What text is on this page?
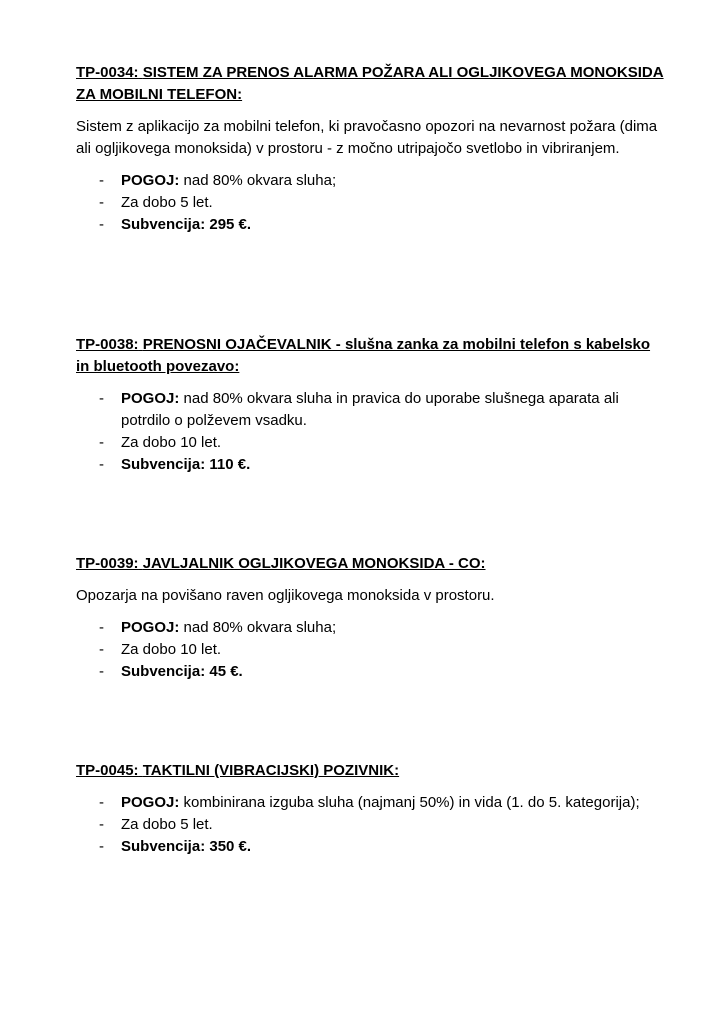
TP-0034: SISTEM ZA PRENOS ALARMA POŽARA ALI OGLJIKOVEGA MONOKSIDA ZA MOBILNI TELEFON:
Sistem z aplikacijo za mobilni telefon, ki pravočasno opozori na nevarnost požara (dima ali ogljikovega monoksida) v prostoru - z močno utripajočo svetlobo in vibriranjem.
- POGOJ: nad 80% okvara sluha;
- Za dobo 5 let.
- Subvencija: 295 €.
TP-0038: PRENOSNI OJAČEVALNIK - slušna zanka za mobilni telefon s kabelsko in bluetooth povezavo:
- POGOJ: nad 80% okvara sluha in pravica do uporabe slušnega aparata ali potrdilo o polževem vsadku.
- Za dobo 10 let.
- Subvencija: 110 €.
TP-0039: JAVLJALNIK OGLJIKOVEGA MONOKSIDA - CO:
Opozarja na povišano raven ogljikovega monoksida v prostoru.
- POGOJ: nad 80% okvara sluha;
- Za dobo 10 let.
- Subvencija: 45 €.
TP-0045: TAKTILNI (VIBRACIJSKI) POZIVNIK:
- POGOJ: kombinirana izguba sluha (najmanj 50%) in vida (1. do 5. kategorija);
- Za dobo 5 let.
- Subvencija: 350 €.
